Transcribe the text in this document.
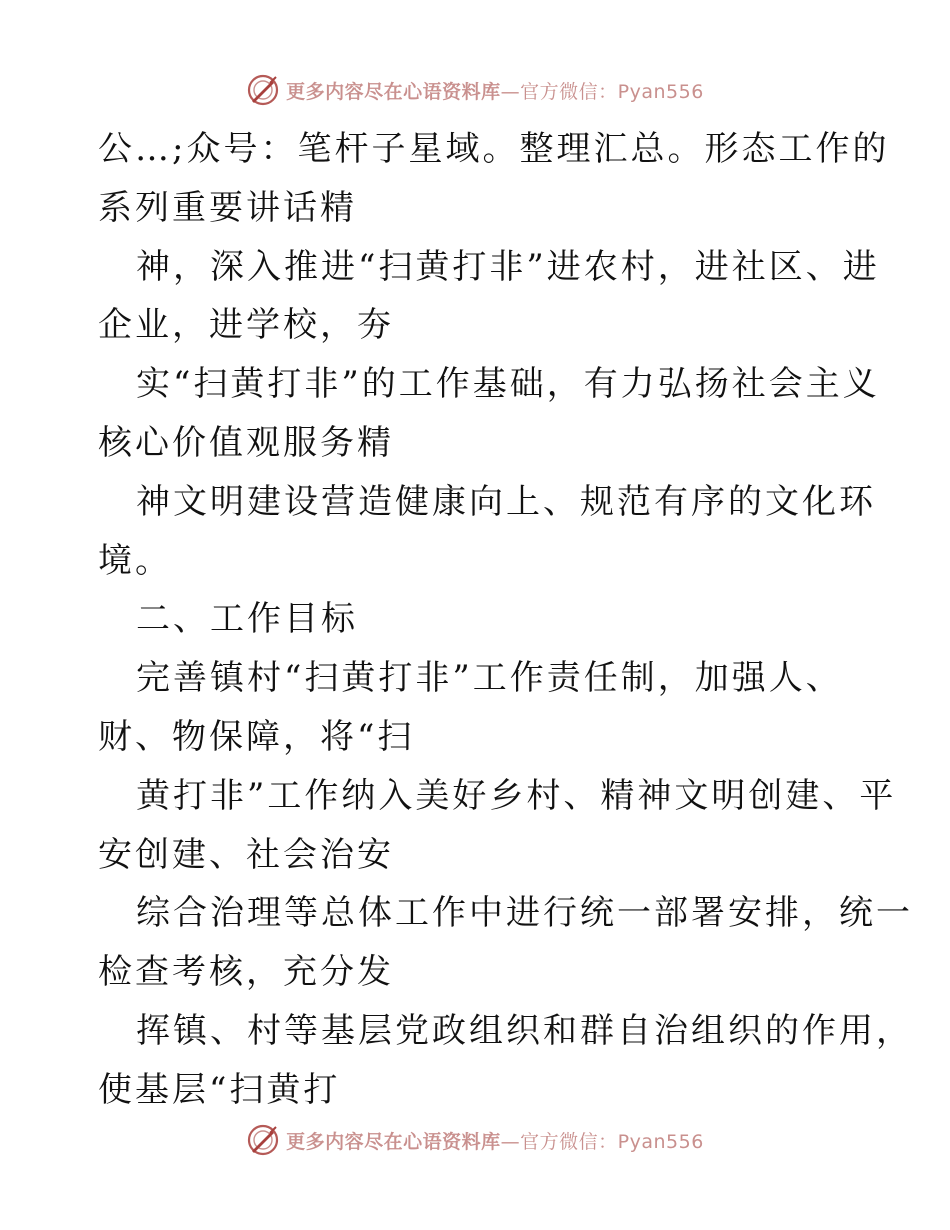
更多内容尽在心语资料库 —官方微信：Pyan556
公…;众号：笔杆子星域。整理汇总。形态工作的
系列重要讲话精
神，深入推进“扫黄打非”进农村，进社区、进
企业，进学校，夯
实“扫黄打非”的工作基础，有力弘扬社会主义
核心价值观服务精
神文明建设营造健康向上、规范有序的文化环
境。
二、工作目标
完善镇村“扫黄打非”工作责任制，加强人、
财、物保障，将“扫
黄打非”工作纳入美好乡村、精神文明创建、平
安创建、社会治安
综合治理等总体工作中进行统一部署安排，统一
检查考核，充分发
挥镇、村等基层党政组织和群自治组织的作用，
使基层“扫黄打
更多内容尽在心语资料库 —官方微信：Pyan556
